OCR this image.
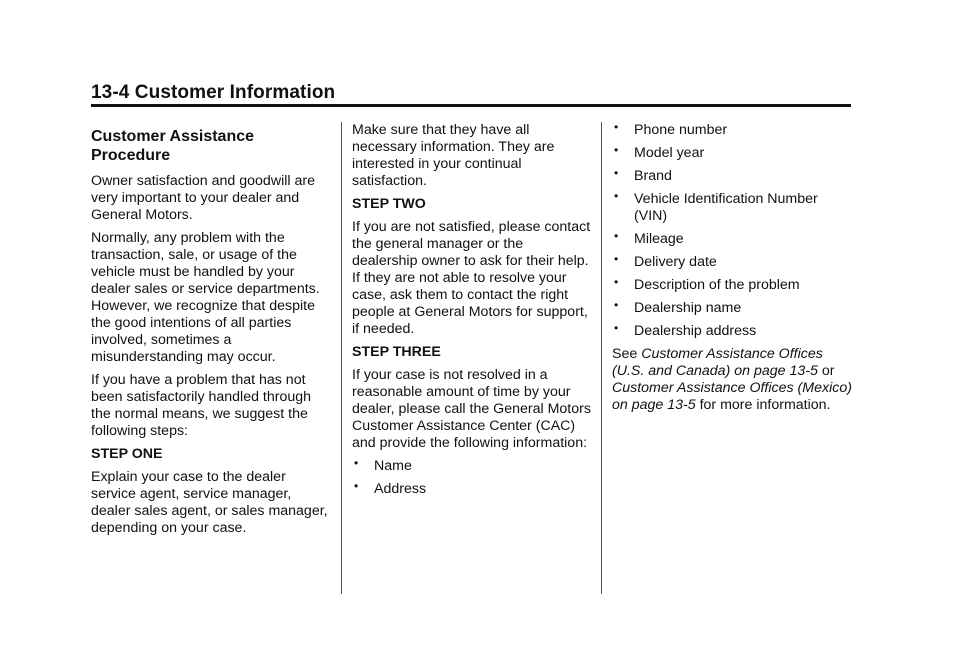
13-4 Customer Information
Customer Assistance Procedure

Owner satisfaction and goodwill are very important to your dealer and General Motors.

Normally, any problem with the transaction, sale, or usage of the vehicle must be handled by your dealer sales or service departments. However, we recognize that despite the good intentions of all parties involved, sometimes a misunderstanding may occur.

If you have a problem that has not been satisfactorily handled through the normal means, we suggest the following steps:

STEP ONE

Explain your case to the dealer service agent, service manager, dealer sales agent, or sales manager, depending on your case.

Make sure that they have all necessary information. They are interested in your continual satisfaction.

STEP TWO

If you are not satisfied, please contact the general manager or the dealership owner to ask for their help. If they are not able to resolve your case, ask them to contact the right people at General Motors for support, if needed.

STEP THREE

If your case is not resolved in a reasonable amount of time by your dealer, please call the General Motors Customer Assistance Center (CAC) and provide the following information:

• Name
• Address
• Phone number
• Model year
• Brand
• Vehicle Identification Number (VIN)
• Mileage
• Delivery date
• Description of the problem
• Dealership name
• Dealership address

See Customer Assistance Offices (U.S. and Canada) on page 13-5 or Customer Assistance Offices (Mexico) on page 13-5 for more information.
